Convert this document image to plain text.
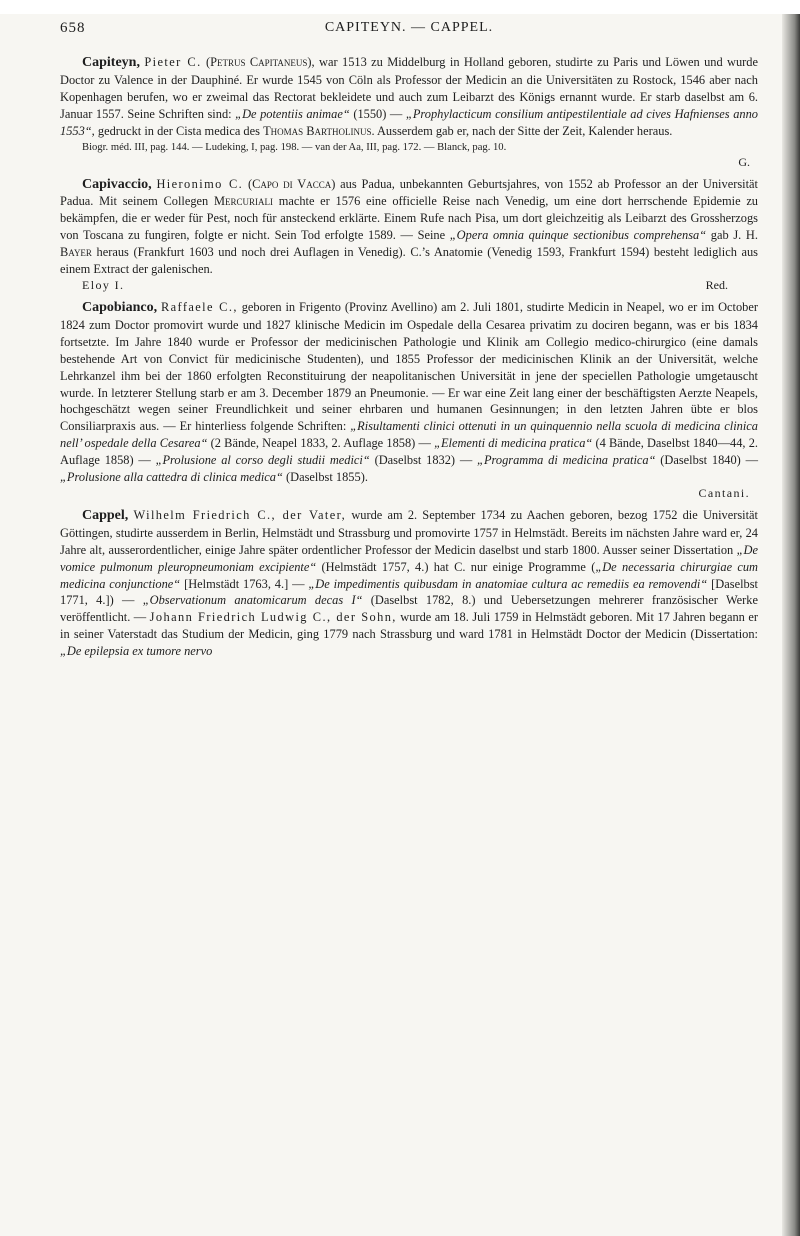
658	CAPITEYN. — CAPPEL.

Capiteyn, Pieter C. (Petrus Capitaneus), war 1513 zu Middelburg in Holland geboren, studirte zu Paris und Löwen und wurde Doctor zu Valence in der Dauphiné. Er wurde 1545 von Cöln als Professor der Medicin an die Universitäten zu Rostock, 1546 aber nach Kopenhagen berufen, wo er zweimal das Rectorat bekleidete und auch zum Leibarzt des Königs ernannt wurde. Er starb daselbst am 6. Januar 1557. Seine Schriften sind: „De potentiis animae“ (1550) — „Prophylacticum consilium antipestilentiale ad cives Hafnienses anno 1553“, gedruckt in der Cista medica des Thomas Bartholinus. Ausserdem gab er, nach der Sitte der Zeit, Kalender heraus.

Biogr. méd. III, pag. 144. — Ludeking, I, pag. 198. — van der Aa, III, pag. 172. — Blanck, pag. 10.

G.

Capivaccio, Hieronimo C. (Capo di Vacca) aus Padua, unbekannten Geburtsjahres, von 1552 ab Professor an der Universität Padua. Mit seinem Collegen Mercuriali machte er 1576 eine officielle Reise nach Venedig, um eine dort herrschende Epidemie zu bekämpfen, die er weder für Pest, noch für ansteckend erklärte. Einem Rufe nach Pisa, um dort gleichzeitig als Leibarzt des Grossherzogs von Toscana zu fungiren, folgte er nicht. Sein Tod erfolgte 1589. — Seine „Opera omnia quinque sectionibus comprehensa“ gab J. H. Bayer heraus (Frankfurt 1603 und noch drei Auflagen in Venedig). C.’s Anatomie (Venedig 1593, Frankfurt 1594) besteht lediglich aus einem Extract der galenischen.

Eloy I.	Red.

Capobianco, Raffaele C., geboren in Frigento (Provinz Avellino) am 2. Juli 1801, studirte Medicin in Neapel, wo er im October 1824 zum Doctor promovirt wurde und 1827 klinische Medicin im Ospedale della Cesarea privatim zu dociren begann, was er bis 1834 fortsetzte. Im Jahre 1840 wurde er Professor der medicinischen Pathologie und Klinik am Collegio medico-chirurgico (eine damals bestehende Art von Convict für medicinische Studenten), und 1855 Professor der medicinischen Klinik an der Universität, welche Lehrkanzel ihm bei der 1860 erfolgten Reconstituirung der neapolitanischen Universität in jene der speciellen Pathologie umgetauscht wurde. In letzterer Stellung starb er am 3. December 1879 an Pneumonie. — Er war eine Zeit lang einer der beschäftigsten Aerzte Neapels, hochgeschätzt wegen seiner Freundlichkeit und seiner ehrbaren und humanen Gesinnungen; in den letzten Jahren übte er blos Consiliarpraxis aus. — Er hinterliess folgende Schriften: „Risultamenti clinici ottenuti in un quinquennio nella scuola di medicina clinica nell’ ospedale della Cesarea“ (2 Bände, Neapel 1833, 2. Auflage 1858) — „Elementi di medicina pratica“ (4 Bände, Daselbst 1840—44, 2. Auflage 1858) — „Prolusione al corso degli studii medici“ (Daselbst 1832) — „Programma di medicina pratica“ (Daselbst 1840) — „Prolusione alla cattedra di clinica medica“ (Daselbst 1855).

Cantani.

Cappel, Wilhelm Friedrich C., der Vater, wurde am 2. September 1734 zu Aachen geboren, bezog 1752 die Universität Göttingen, studirte ausserdem in Berlin, Helmstädt und Strassburg und promovirte 1757 in Helmstädt. Bereits im nächsten Jahre ward er, 24 Jahre alt, ausserordentlicher, einige Jahre später ordentlicher Professor der Medicin daselbst und starb 1800. Ausser seiner Dissertation „De vomice pulmonum pleuropneumoniam excipiente“ (Helmstädt 1757, 4.) hat C. nur einige Programme („De necessaria chirurgiae cum medicina conjunctione“ [Helmstädt 1763, 4.] — „De impedimentis quibusdam in anatomiae cultura ac remediis ea removendi“ [Daselbst 1771, 4.]) — „Observationum anatomicarum decas I“ (Daselbst 1782, 8.) und Uebersetzungen mehrerer französischer Werke veröffentlicht. — Johann Friedrich Ludwig C., der Sohn, wurde am 18. Juli 1759 in Helmstädt geboren. Mit 17 Jahren begann er in seiner Vaterstadt das Studium der Medicin, ging 1779 nach Strassburg und ward 1781 in Helmstädt Doctor der Medicin (Dissertation: „De epilepsia ex tumore nervo
